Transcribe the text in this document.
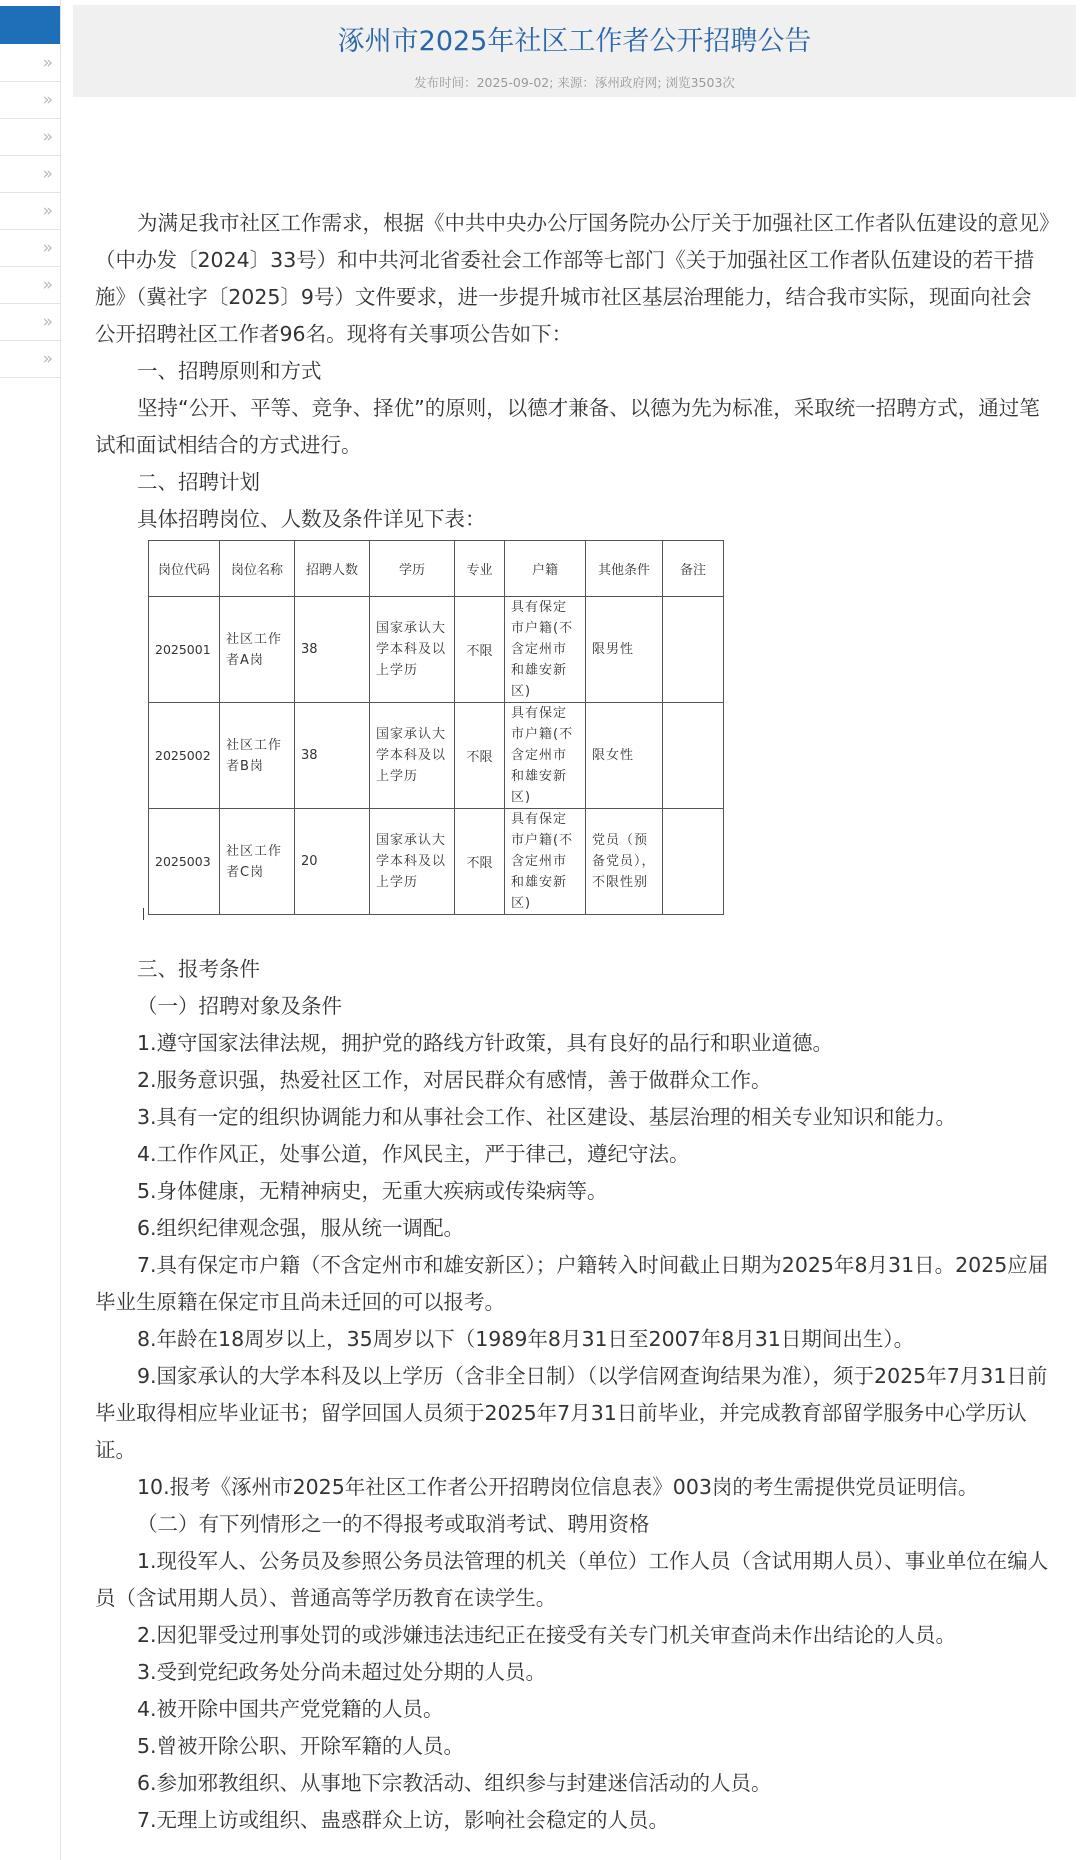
»
»
»
»
»
»
»
»
»
涿州市2025年社区工作者公开招聘公告
发布时间：2025-09-02; 来源：涿州政府网; 浏览3503次

为满足我市社区工作需求，根据《中共中央办公厅国务院办公厅关于加强社区工作者队伍建设的意见》（中办发〔2024〕33号）和中共河北省委社会工作部等七部门《关于加强社区工作者队伍建设的若干措施》（冀社字〔2025〕9号）文件要求，进一步提升城市社区基层治理能力，结合我市实际，现面向社会公开招聘社区工作者96名。现将有关事项公告如下：

一、招聘原则和方式

坚持“公开、平等、竞争、择优”的原则，以德才兼备、以德为先为标准，采取统一招聘方式，通过笔试和面试相结合的方式进行。

二、招聘计划

具体招聘岗位、人数及条件详见下表：

三、报考条件

（一）招聘对象及条件

1.遵守国家法律法规，拥护党的路线方针政策，具有良好的品行和职业道德。

2.服务意识强，热爱社区工作，对居民群众有感情，善于做群众工作。

3.具有一定的组织协调能力和从事社会工作、社区建设、基层治理的相关专业知识和能力。

4.工作作风正，处事公道，作风民主，严于律己，遵纪守法。

5.身体健康，无精神病史，无重大疾病或传染病等。

6.组织纪律观念强，服从统一调配。

7.具有保定市户籍（不含定州市和雄安新区）；户籍转入时间截止日期为2025年8月31日。2025应届毕业生原籍在保定市且尚未迁回的可以报考。

8.年龄在18周岁以上，35周岁以下（1989年8月31日至2007年8月31日期间出生）。

9.国家承认的大学本科及以上学历（含非全日制）（以学信网查询结果为准），须于2025年7月31日前毕业取得相应毕业证书；留学回国人员须于2025年7月31日前毕业，并完成教育部留学服务中心学历认证。

10.报考《涿州市2025年社区工作者公开招聘岗位信息表》003岗的考生需提供党员证明信。

（二）有下列情形之一的不得报考或取消考试、聘用资格

1.现役军人、公务员及参照公务员法管理的机关（单位）工作人员（含试用期人员）、事业单位在编人员（含试用期人员）、普通高等学历教育在读学生。

2.因犯罪受过刑事处罚的或涉嫌违法违纪正在接受有关专门机关审查尚未作出结论的人员。

3.受到党纪政务处分尚未超过处分期的人员。

4.被开除中国共产党党籍的人员。

5.曾被开除公职、开除军籍的人员。

6.参加邪教组织、从事地下宗教活动、组织参与封建迷信活动的人员。

7.无理上访或组织、蛊惑群众上访，影响社会稳定的人员。

岗位代码	岗位名称	招聘人数	学历	专业	户籍	其他条件	备注
2025001	社区工作者A岗	38	国家承认大学本科及以上学历	不限	具有保定市户籍(不含定州市和雄安新区)	限男性	
2025002	社区工作者B岗	38	国家承认大学本科及以上学历	不限	具有保定市户籍(不含定州市和雄安新区)	限女性	
2025003	社区工作者C岗	20	国家承认大学本科及以上学历	不限	具有保定市户籍(不含定州市和雄安新区)	党员（预备党员），不限性别	
